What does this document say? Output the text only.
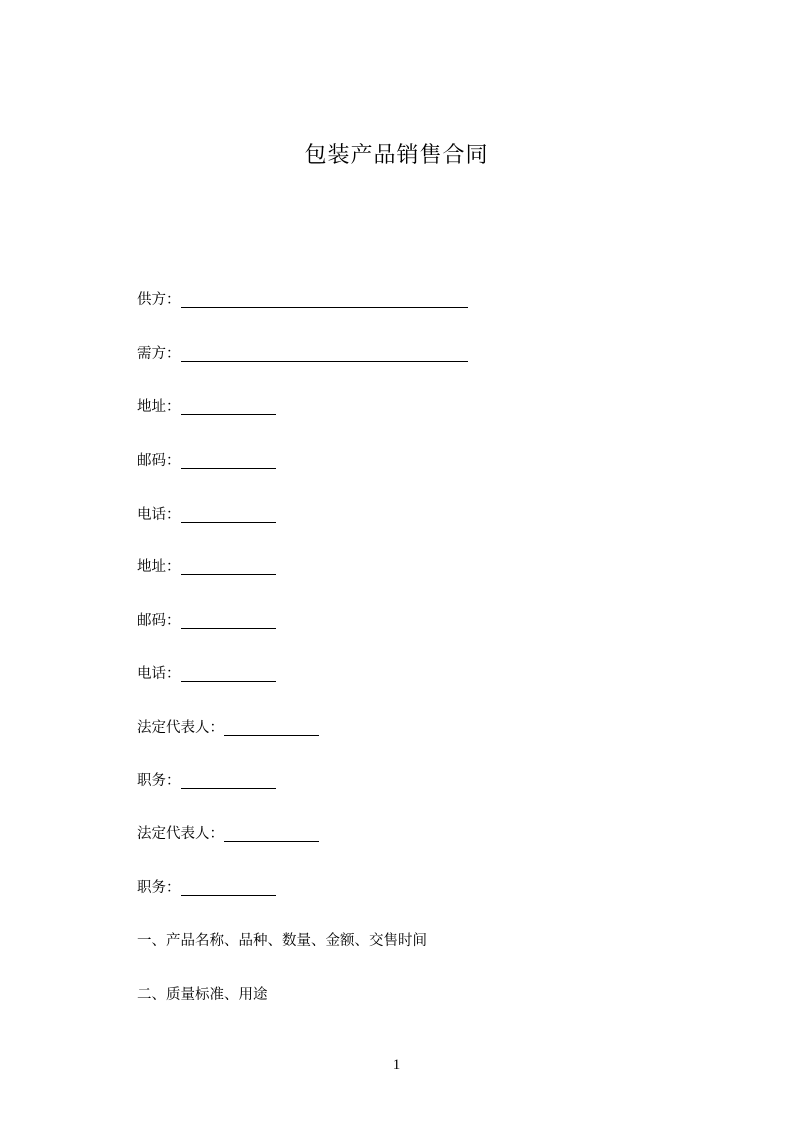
包装产品销售合同
供方：
需方：
地址：
邮码：
电话：
地址：
邮码：
电话：
法定代表人：
职务：
法定代表人：
职务：
一、产品名称、品种、数量、金额、交售时间
二、质量标准、用途
1
